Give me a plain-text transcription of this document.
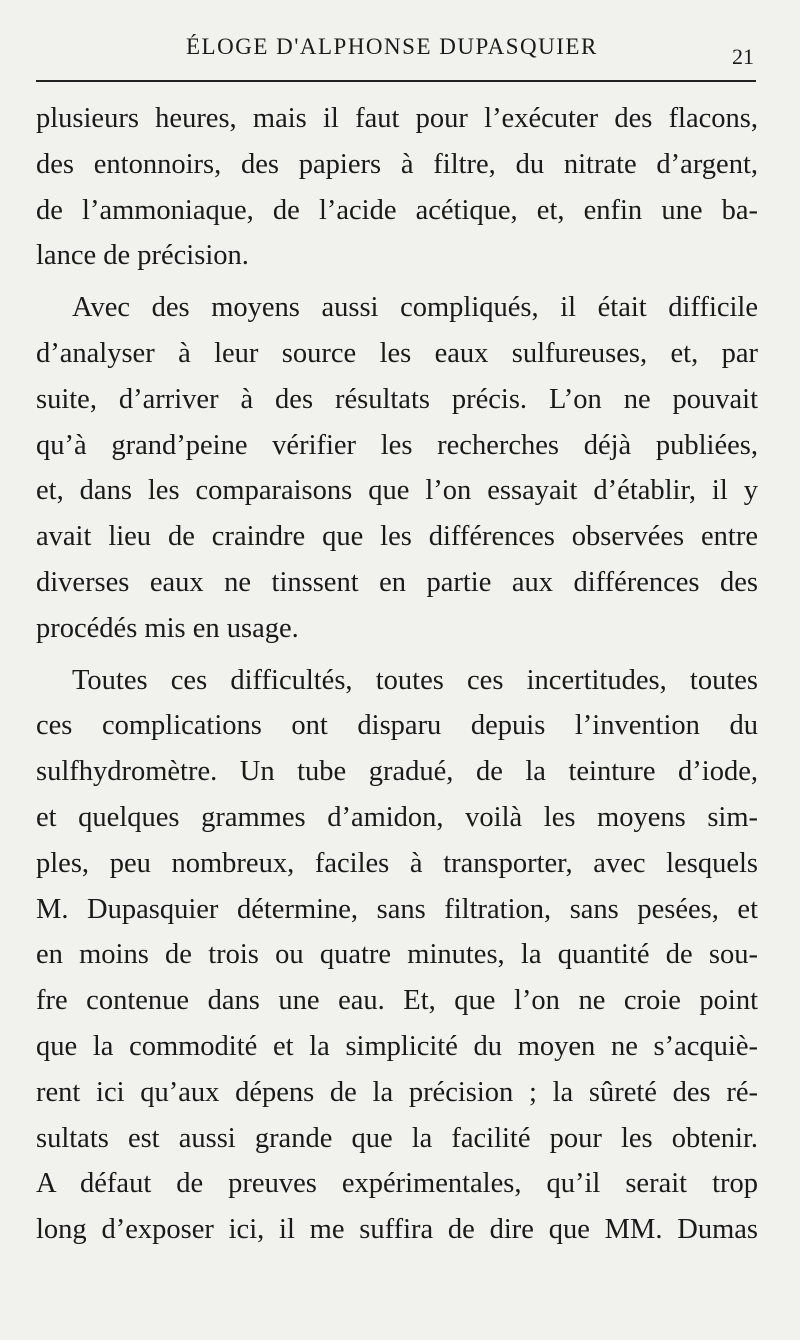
ÉLOGE D'ALPHONSE DUPASQUIER	21

plusieurs heures, mais il faut pour l’exécuter des flacons,
des entonnoirs, des papiers à filtre, du nitrate d’argent,
de l’ammoniaque, de l’acide acétique, et, enfin une ba-
lance de précision.

Avec des moyens aussi compliqués, il était difficile
d’analyser à leur source les eaux sulfureuses, et, par
suite, d’arriver à des résultats précis. L’on ne pouvait
qu’à grand’peine vérifier les recherches déjà publiées,
et, dans les comparaisons que l’on essayait d’établir, il y
avait lieu de craindre que les différences observées entre
diverses eaux ne tinssent en partie aux différences des
procédés mis en usage.

Toutes ces difficultés, toutes ces incertitudes, toutes
ces complications ont disparu depuis l’invention du
sulfhydromètre. Un tube gradué, de la teinture d’iode,
et quelques grammes d’amidon, voilà les moyens sim-
ples, peu nombreux, faciles à transporter, avec lesquels
M. Dupasquier détermine, sans filtration, sans pesées, et
en moins de trois ou quatre minutes, la quantité de sou-
fre contenue dans une eau. Et, que l’on ne croie point
que la commodité et la simplicité du moyen ne s’acquiè-
rent ici qu’aux dépens de la précision ; la sûreté des ré-
sultats est aussi grande que la facilité pour les obtenir.
A défaut de preuves expérimentales, qu’il serait trop
long d’exposer ici, il me suffira de dire que MM. Dumas
